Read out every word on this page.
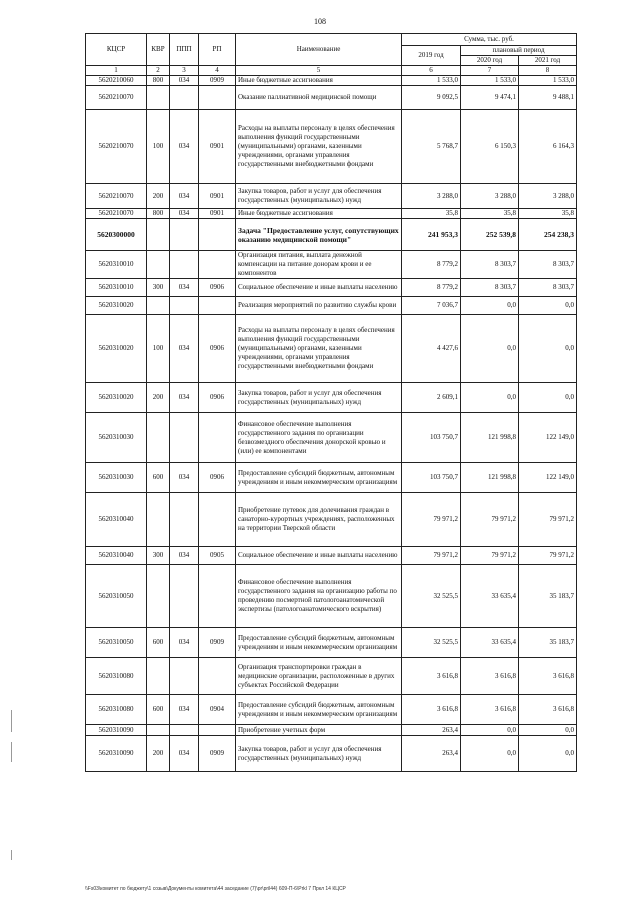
108
КЦСР	КВР	ППП	РП	Наименование	Сумма, тыс. руб.		
					2019 год	плановый период	
						2020 год	2021 год
1	2	3	4	5	6	7	8
5620210060	800	034	0909	Иные бюджетные ассигнования	1 533,0	1 533,0	1 533,0
5620210070				Оказание паллиативной медицинской помощи	9 092,5	9 474,1	9 488,1
5620210070	100	034	0901	Расходы на выплаты персоналу в целях обеспечения выполнения функций государственными (муниципальными) органами, казенными учреждениями, органами управления государственными внебюджетными фондами	5 768,7	6 150,3	6 164,3
5620210070	200	034	0901	Закупка товаров, работ и услуг для обеспечения государственных (муниципальных) нужд	3 288,0	3 288,0	3 288,0
5620210070	800	034	0901	Иные бюджетные ассигнования	35,8	35,8	35,8
5620300000				Задача "Предоставление услуг, сопутствующих оказанию медицинской помощи"	241 953,3	252 539,8	254 238,3
5620310010				Организация питания, выплата денежной компенсации на питание донорам крови и ее компонентов	8 779,2	8 303,7	8 303,7
5620310010	300	034	0906	Социальное обеспечение и иные выплаты населению	8 779,2	8 303,7	8 303,7
5620310020				Реализация мероприятий по развитию службы крови	7 036,7	0,0	0,0
5620310020	100	034	0906	Расходы на выплаты персоналу в целях обеспечения выполнения функций государственными (муниципальными) органами, казенными учреждениями, органами управления государственными внебюджетными фондами	4 427,6	0,0	0,0
5620310020	200	034	0906	Закупка товаров, работ и услуг для обеспечения государственных (муниципальных) нужд	2 609,1	0,0	0,0
5620310030				Финансовое обеспечение выполнения государственного задания по организации безвозмездного обеспечения донорской кровью и (или) ее компонентами	103 750,7	121 998,8	122 149,0
5620310030	600	034	0906	Предоставление субсидий бюджетным, автономным учреждениям и иным некоммерческим организациям	103 750,7	121 998,8	122 149,0
5620310040				Приобретение путевок для долечивания граждан в санаторно-курортных учреждениях, расположенных на территории Тверской области	79 971,2	79 971,2	79 971,2
5620310040	300	034	0905	Социальное обеспечение и иные выплаты населению	79 971,2	79 971,2	79 971,2
5620310050				Финансовое обеспечение выполнения государственного задания на организацию работы по проведению посмертной патологоанатомической экспертизы (патологоанатомического вскрытия)	32 525,5	33 635,4	35 183,7
5620310050	600	034	0909	Предоставление субсидий бюджетным, автономным учреждениям и иным некоммерческим организациям	32 525,5	33 635,4	35 183,7
5620310080				Организация транспортировки граждан в медицинские организации, расположенные в других субъектах Российской Федерации	3 616,8	3 616,8	3 616,8
5620310080	600	034	0904	Предоставление субсидий бюджетным, автономным учреждениям и иным некоммерческим организациям	3 616,8	3 616,8	3 616,8
5620310090				Приобретение учетных форм	263,4	0,0	0,0
5620310090	200	034	0909	Закупка товаров, работ и услуг для обеспечения государственных (муниципальных) нужд	263,4	0,0	0,0
\\Fs03\комитет по бюджету\1 созыв\Документы комитета\44 заседание (7)\pr\pril44) 609-П-6\Prkl 7 Пркл 14 КЦСР
